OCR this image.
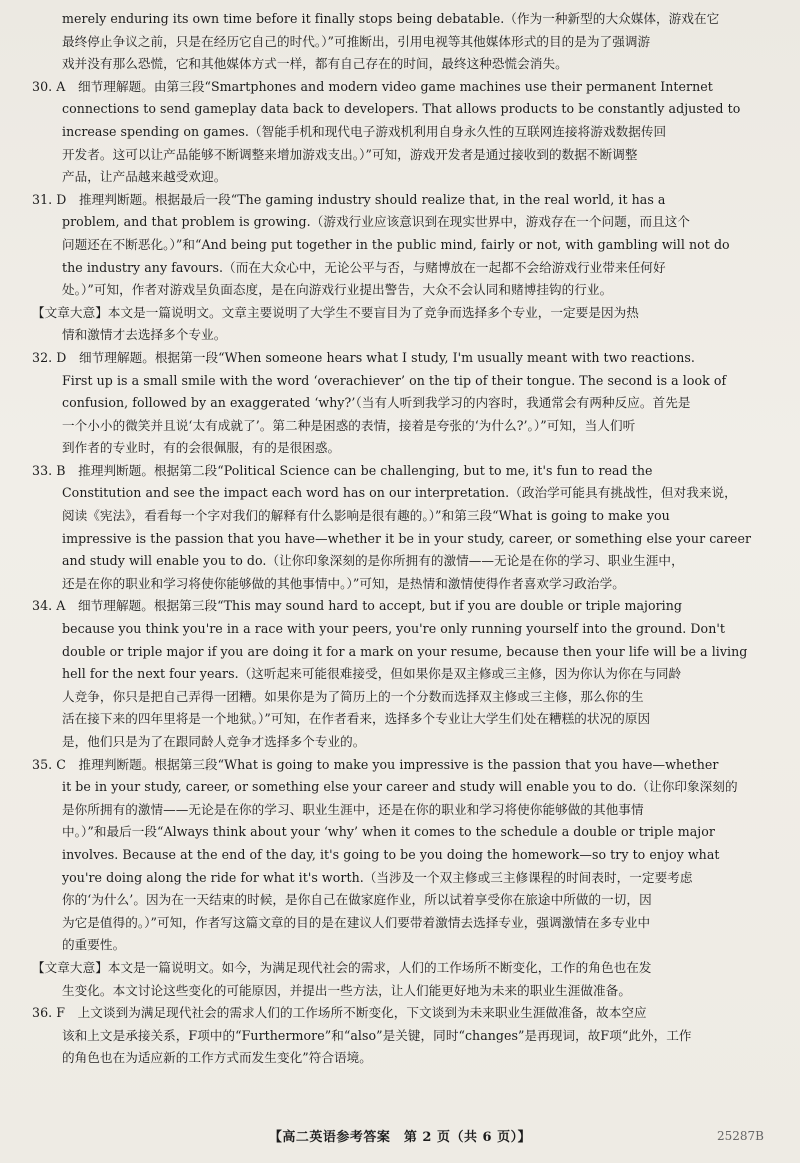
merely enduring its own time before it finally stops being debatable.（作为一种新型的大众媒体，游戏在它
最终停止争议之前，只是在经历它自己的时代。）”可推断出，引用电视等其他媒体形式的目的是为了强调游
戏并没有那么恐慌，它和其他媒体方式一样，都有自己存在的时间，最终这种恐慌会消失。
30. A　细节理解题。由第三段“Smartphones and modern video game machines use their permanent Internet
connections to send gameplay data back to developers. That allows products to be constantly adjusted to
increase spending on games.（智能手机和现代电子游戏机利用自身永久性的互联网连接将游戏数据传回
开发者。这可以让产品能够不断调整来增加游戏支出。）”可知，游戏开发者是通过接收到的数据不断调整
产品，让产品越来越受欢迎。
31. D　推理判断题。根据最后一段“The gaming industry should realize that, in the real world, it has a
problem, and that problem is growing.（游戏行业应该意识到在现实世界中，游戏存在一个问题，而且这个
问题还在不断恶化。）”和“And being put together in the public mind, fairly or not, with gambling will not do
the industry any favours.（而在大众心中，无论公平与否，与赌博放在一起都不会给游戏行业带来任何好
处。）”可知，作者对游戏呈负面态度，是在向游戏行业提出警告，大众不会认同和赌博挂钩的行业。
【文章大意】本文是一篇说明文。文章主要说明了大学生不要盲目为了竞争而选择多个专业，一定要是因为热
情和激情才去选择多个专业。
32. D　细节理解题。根据第一段“When someone hears what I study, I'm usually meant with two reactions.
First up is a small smile with the word ‘overachiever’ on the tip of their tongue. The second is a look of
confusion, followed by an exaggerated ‘why?’（当有人听到我学习的内容时，我通常会有两种反应。首先是
一个小小的微笑并且说‘太有成就了’。第二种是困惑的表情，接着是夸张的‘为什么?’。）”可知，当人们听
到作者的专业时，有的会很佩服，有的是很困惑。
33. B　推理判断题。根据第二段“Political Science can be challenging, but to me, it's fun to read the
Constitution and see the impact each word has on our interpretation.（政治学可能具有挑战性，但对我来说，
阅读《宪法》，看看每一个字对我们的解释有什么影响是很有趣的。）”和第三段“What is going to make you
impressive is the passion that you have—whether it be in your study, career, or something else your career
and study will enable you to do.（让你印象深刻的是你所拥有的激情——无论是在你的学习、职业生涯中，
还是在你的职业和学习将使你能够做的其他事情中。）”可知，是热情和激情使得作者喜欢学习政治学。
34. A　细节理解题。根据第三段“This may sound hard to accept, but if you are double or triple majoring
because you think you're in a race with your peers, you're only running yourself into the ground. Don't
double or triple major if you are doing it for a mark on your resume, because then your life will be a living
hell for the next four years.（这听起来可能很难接受，但如果你是双主修或三主修，因为你认为你在与同龄
人竞争，你只是把自己弄得一团糟。如果你是为了简历上的一个分数而选择双主修或三主修，那么你的生
活在接下来的四年里将是一个地狱。）”可知，在作者看来，选择多个专业让大学生们处在糟糕的状况的原因
是，他们只是为了在跟同龄人竞争才选择多个专业的。
35. C　推理判断题。根据第三段“What is going to make you impressive is the passion that you have—whether
it be in your study, career, or something else your career and study will enable you to do.（让你印象深刻的
是你所拥有的激情——无论是在你的学习、职业生涯中，还是在你的职业和学习将使你能够做的其他事情
中。）”和最后一段“Always think about your ‘why’ when it comes to the schedule a double or triple major
involves. Because at the end of the day, it's going to be you doing the homework—so try to enjoy what
you're doing along the ride for what it's worth.（当涉及一个双主修或三主修课程的时间表时，一定要考虑
你的‘为什么’。因为在一天结束的时候，是你自己在做家庭作业，所以试着享受你在旅途中所做的一切，因
为它是值得的。）”可知，作者写这篇文章的目的是在建议人们要带着激情去选择专业，强调激情在多专业中
的重要性。
【文章大意】本文是一篇说明文。如今，为满足现代社会的需求，人们的工作场所不断变化，工作的角色也在发
生变化。本文讨论这些变化的可能原因，并提出一些方法，让人们能更好地为未来的职业生涯做准备。
36. F　上文谈到为满足现代社会的需求人们的工作场所不断变化，下文谈到为未来职业生涯做准备，故本空应
该和上文是承接关系，F项中的“Furthermore”和“also”是关键，同时“changes”是再现词，故F项“此外，工作
的角色也在为适应新的工作方式而发生变化”符合语境。
【高二英语参考答案　第 2 页（共 6 页）】	25287B
